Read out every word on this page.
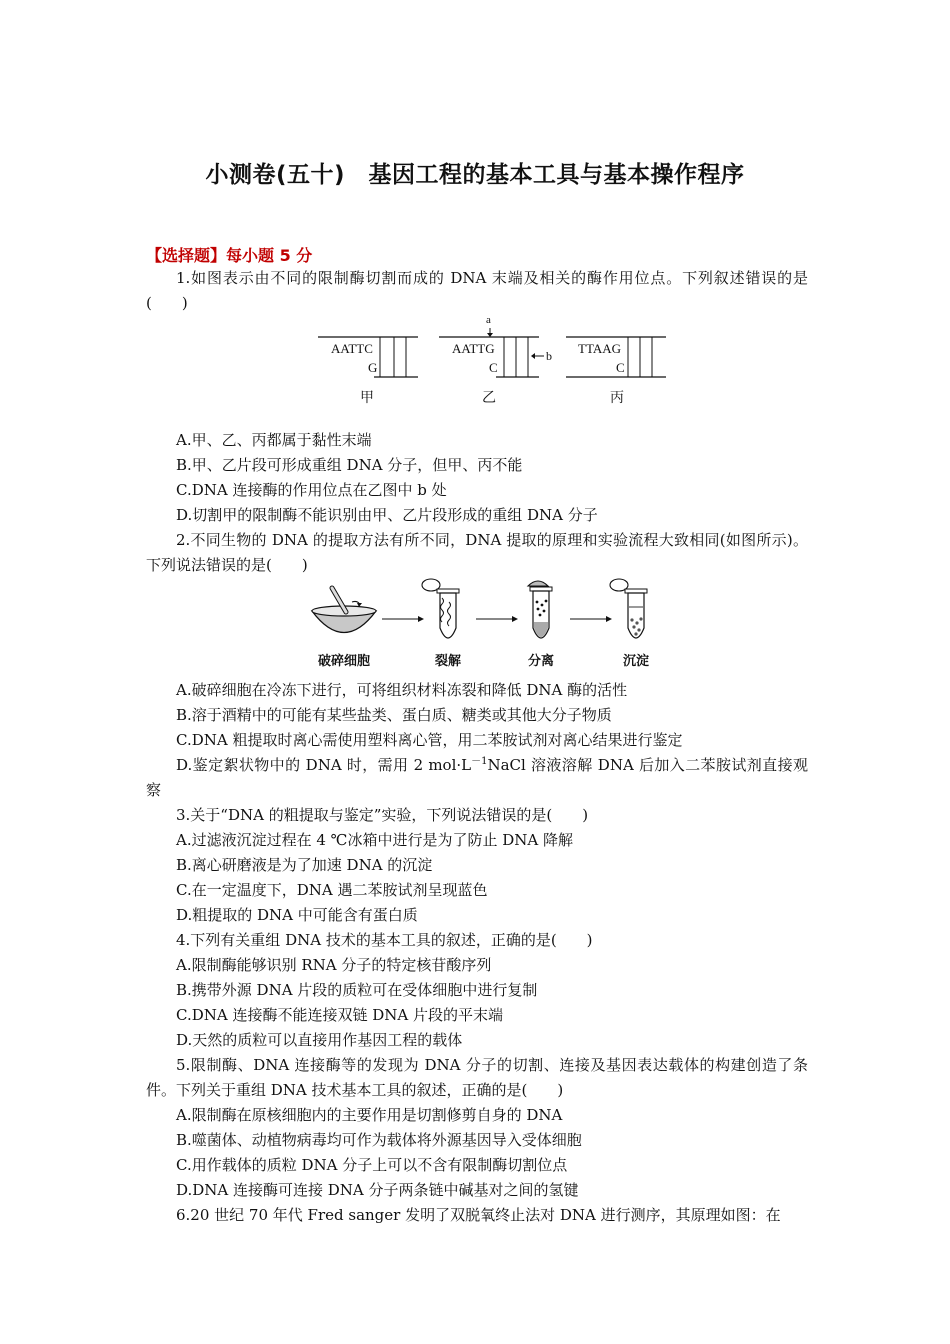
小测卷(五十)　基因工程的基本工具与基本操作程序
【选择题】每小题 5 分

1.如图表示由不同的限制酶切割而成的 DNA 末端及相关的酶作用位点。下列叙述错误的是(　　)

AATTC
G
甲
AATTG
C
乙
a
b TTAAG
C
丙

A.甲、乙、丙都属于黏性末端

B.甲、乙片段可形成重组 DNA 分子，但甲、丙不能

C.DNA 连接酶的作用位点在乙图中 b 处

D.切割甲的限制酶不能识别由甲、乙片段形成的重组 DNA 分子

2.不同生物的 DNA 的提取方法有所不同，DNA 提取的原理和实验流程大致相同(如图所示)。下列说法错误的是(　　)

破碎细胞	裂解	分离	沉淀

A.破碎细胞在冷冻下进行，可将组织材料冻裂和降低 DNA 酶的活性

B.溶于酒精中的可能有某些盐类、蛋白质、糖类或其他大分子物质

C.DNA 粗提取时离心需使用塑料离心管，用二苯胺试剂对离心结果进行鉴定

D.鉴定絮状物中的 DNA 时，需用 2 $mol\cdot L^{-1}NaCl$ 溶液溶解 DNA 后加入二苯胺试剂直接观察

3.关于“DNA 的粗提取与鉴定”实验，下列说法错误的是(　　)

A.过滤液沉淀过程在 4 ℃冰箱中进行是为了防止 DNA 降解

B.离心研磨液是为了加速 DNA 的沉淀

C.在一定温度下，DNA 遇二苯胺试剂呈现蓝色

D.粗提取的 DNA 中可能含有蛋白质

4.下列有关重组 DNA 技术的基本工具的叙述，正确的是(　　)

A.限制酶能够识别 RNA 分子的特定核苷酸序列

B.携带外源 DNA 片段的质粒可在受体细胞中进行复制

C.DNA 连接酶不能连接双链 DNA 片段的平末端

D.天然的质粒可以直接用作基因工程的载体

5.限制酶、DNA 连接酶等的发现为 DNA 分子的切割、连接及基因表达载体的构建创造了条件。下列关于重组 DNA 技术基本工具的叙述，正确的是(　　)

A.限制酶在原核细胞内的主要作用是切割修剪自身的 DNA

B.噬菌体、动植物病毒均可作为载体将外源基因导入受体细胞

C.用作载体的质粒 DNA 分子上可以不含有限制酶切割位点

D.DNA 连接酶可连接 DNA 分子两条链中碱基对之间的氢键

6.20 世纪 70 年代 Fred sanger 发明了双脱氧终止法对 DNA 进行测序，其原理如图：在
